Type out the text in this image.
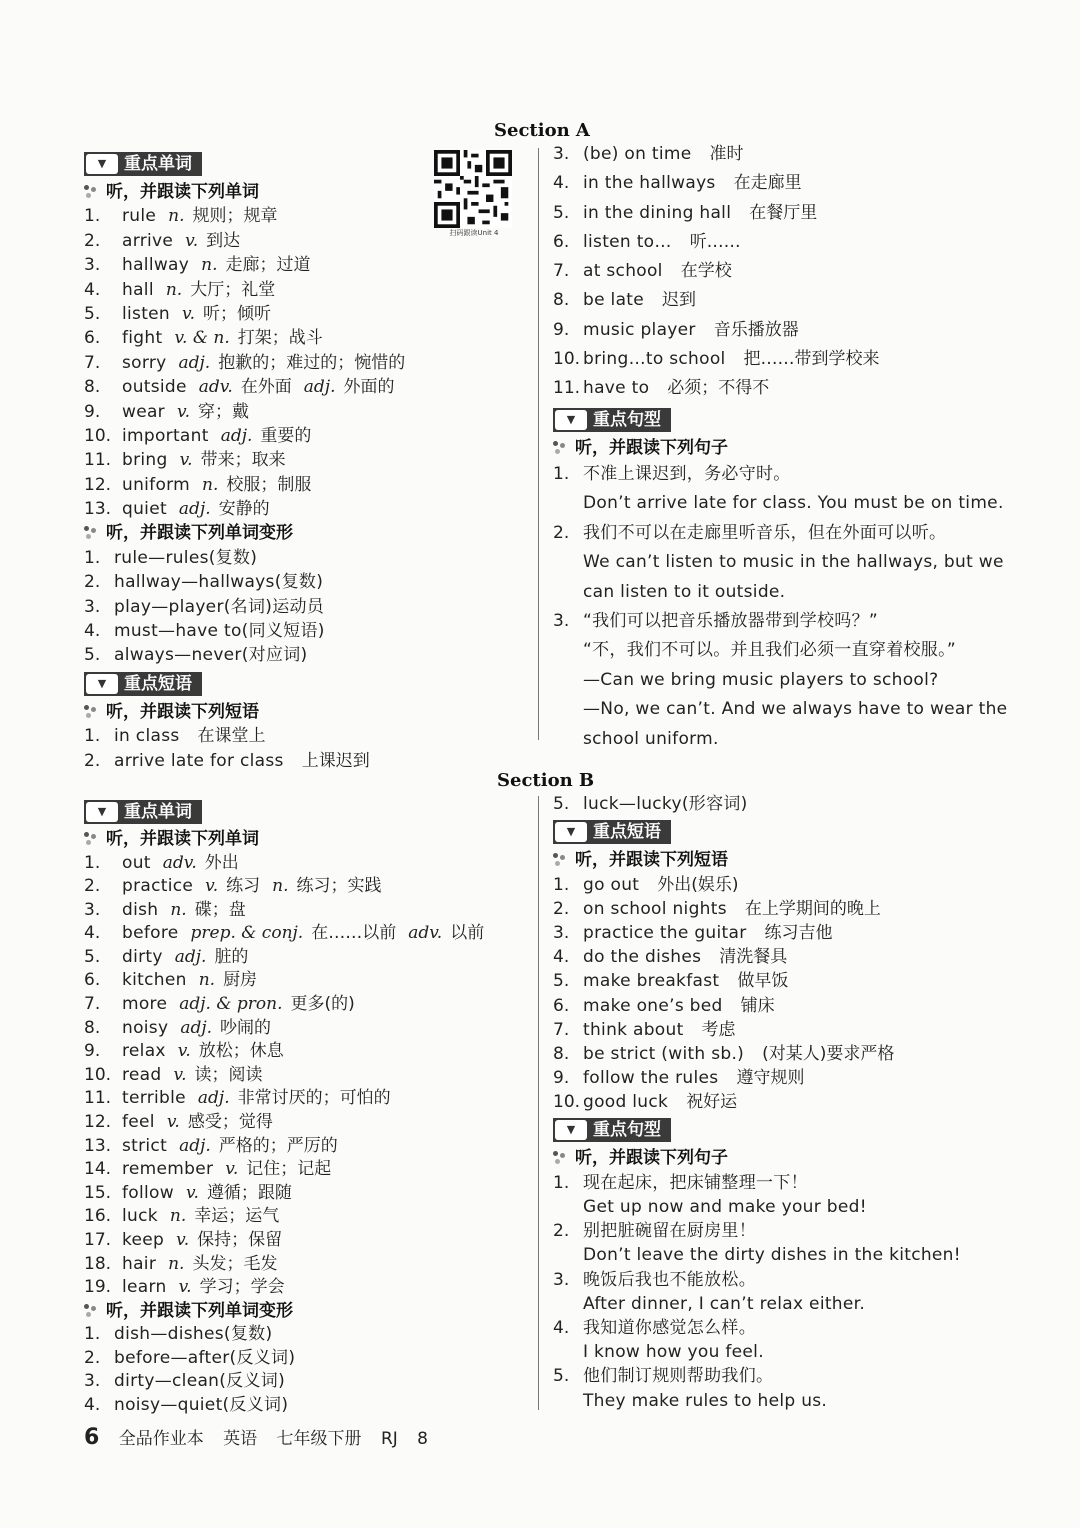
Section A
Section B
扫码跟读Unit 4
▼	重点单词
听，并跟读下列单词
1. rule n. 规则；规章
2. arrive v. 到达
3. hallway n. 走廊；过道
4. hall n. 大厅；礼堂
5. listen v. 听；倾听
6. fight v. & n. 打架；战斗
7. sorry adj. 抱歉的；难过的；惋惜的
8. outside adv. 在外面 adj. 外面的
9. wear v. 穿；戴
10. important adj. 重要的
11. bring v. 带来；取来
12. uniform n. 校服；制服
13. quiet adj. 安静的
听，并跟读下列单词变形
1. rule—rules(复数)
2. hallway—hallways(复数)
3. play—player(名词)运动员
4. must—have to(同义短语)
5. always—never(对应词)
▼	重点短语
听，并跟读下列短语
1. in class 在课堂上
2. arrive late for class 上课迟到
3. (be) on time 准时
4. in the hallways 在走廊里
5. in the dining hall 在餐厅里
6. listen to… 听……
7. at school 在学校
8. be late 迟到
9. music player 音乐播放器
10. bring…to school 把……带到学校来
11. have to 必须；不得不
▼	重点句型
听，并跟读下列句子
1. 不准上课迟到，务必守时。
Don’t arrive late for class. You must be on time.
2. 我们不可以在走廊里听音乐，但在外面可以听。
We can’t listen to music in the hallways, but we
can listen to it outside.
3. “我们可以把音乐播放器带到学校吗？”
“不，我们不可以。并且我们必须一直穿着校服。”
—Can we bring music players to school?
—No, we can’t. And we always have to wear the
school uniform.
▼	重点单词
听，并跟读下列单词
1. out adv. 外出
2. practice v. 练习 n. 练习；实践
3. dish n. 碟；盘
4. before prep. & conj. 在……以前 adv. 以前
5. dirty adj. 脏的
6. kitchen n. 厨房
7. more adj. & pron. 更多(的)
8. noisy adj. 吵闹的
9. relax v. 放松；休息
10. read v. 读；阅读
11. terrible adj. 非常讨厌的；可怕的
12. feel v. 感受；觉得
13. strict adj. 严格的；严厉的
14. remember v. 记住；记起
15. follow v. 遵循；跟随
16. luck n. 幸运；运气
17. keep v. 保持；保留
18. hair n. 头发；毛发
19. learn v. 学习；学会
听，并跟读下列单词变形
1. dish—dishes(复数)
2. before—after(反义词)
3. dirty—clean(反义词)
4. noisy—quiet(反义词)
5. luck—lucky(形容词)
▼	重点短语
听，并跟读下列短语
1. go out 外出(娱乐)
2. on school nights 在上学期间的晚上
3. practice the guitar 练习吉他
4. do the dishes 清洗餐具
5. make breakfast 做早饭
6. make one’s bed 铺床
7. think about 考虑
8. be strict (with sb.) (对某人)要求严格
9. follow the rules 遵守规则
10. good luck 祝好运
▼	重点句型
听，并跟读下列句子
1. 现在起床，把床铺整理一下！
Get up now and make your bed!
2. 别把脏碗留在厨房里！
Don’t leave the dirty dishes in the kitchen!
3. 晚饭后我也不能放松。
After dinner, I can’t relax either.
4. 我知道你感觉怎么样。
I know how you feel.
5. 他们制订规则帮助我们。
They make rules to help us.
6 全品作业本 英语 七年级下册 RJ 8
